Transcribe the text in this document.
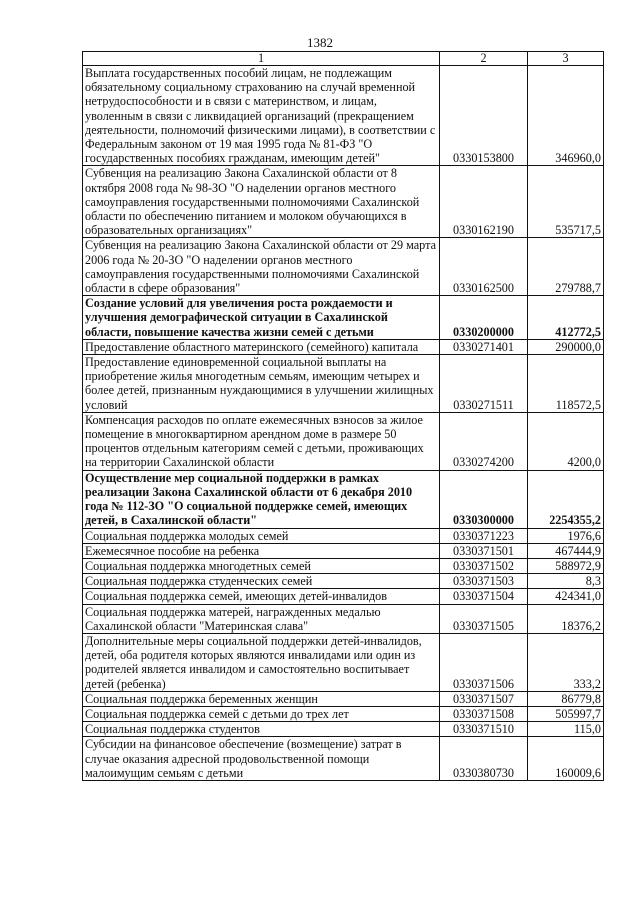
1382
1	2	3
Выплата государственных пособий лицам, не подлежащим обязательному социальному страхованию на случай временной нетрудоспособности и в связи с материнством, и лицам, уволенным в связи с ликвидацией организаций (прекращением деятельности, полномочий физическими лицами), в соответствии с Федеральным законом от 19 мая 1995 года № 81-ФЗ "О государственных пособиях гражданам, имеющим детей"	0330153800	346960,0
Субвенция на реализацию Закона Сахалинской области от 8 октября 2008 года № 98-ЗО "О наделении органов местного самоуправления государственными полномочиями Сахалинской области по обеспечению питанием и молоком обучающихся в образовательных организациях"	0330162190	535717,5
Субвенция на реализацию Закона Сахалинской области от 29 марта 2006 года № 20-ЗО "О наделении органов местного самоуправления государственными полномочиями Сахалинской области в сфере образования"	0330162500	279788,7
Создание условий для увеличения роста рождаемости и улучшения демографической ситуации в Сахалинской области, повышение качества жизни семей с детьми	0330200000	412772,5
Предоставление областного материнского (семейного) капитала	0330271401	290000,0
Предоставление единовременной социальной выплаты на приобретение жилья многодетным семьям, имеющим четырех и более детей, признанным нуждающимися в улучшении жилищных условий	0330271511	118572,5
Компенсация расходов по оплате ежемесячных взносов за жилое помещение в многоквартирном арендном доме в размере 50 процентов отдельным категориям семей с детьми, проживающих на территории Сахалинской области	0330274200	4200,0
Осуществление мер социальной поддержки в рамках реализации Закона Сахалинской области от 6 декабря 2010 года № 112-ЗО "О социальной поддержке семей, имеющих детей, в Сахалинской области"	0330300000	2254355,2
Социальная поддержка молодых семей	0330371223	1976,6
Ежемесячное пособие на ребенка	0330371501	467444,9
Социальная поддержка многодетных семей	0330371502	588972,9
Социальная поддержка студенческих семей	0330371503	8,3
Социальная поддержка семей, имеющих детей-инвалидов	0330371504	424341,0
Социальная поддержка матерей, награжденных медалью Сахалинской области "Материнская слава"	0330371505	18376,2
Дополнительные меры социальной поддержки детей-инвалидов, детей, оба родителя которых являются инвалидами или один из родителей является инвалидом и самостоятельно воспитывает детей (ребенка)	0330371506	333,2
Социальная поддержка беременных женщин	0330371507	86779,8
Социальная поддержка семей с детьми до трех лет	0330371508	505997,7
Социальная поддержка студентов	0330371510	115,0
Субсидии на финансовое обеспечение (возмещение) затрат в случае оказания адресной продовольственной помощи малоимущим семьям с детьми	0330380730	160009,6
